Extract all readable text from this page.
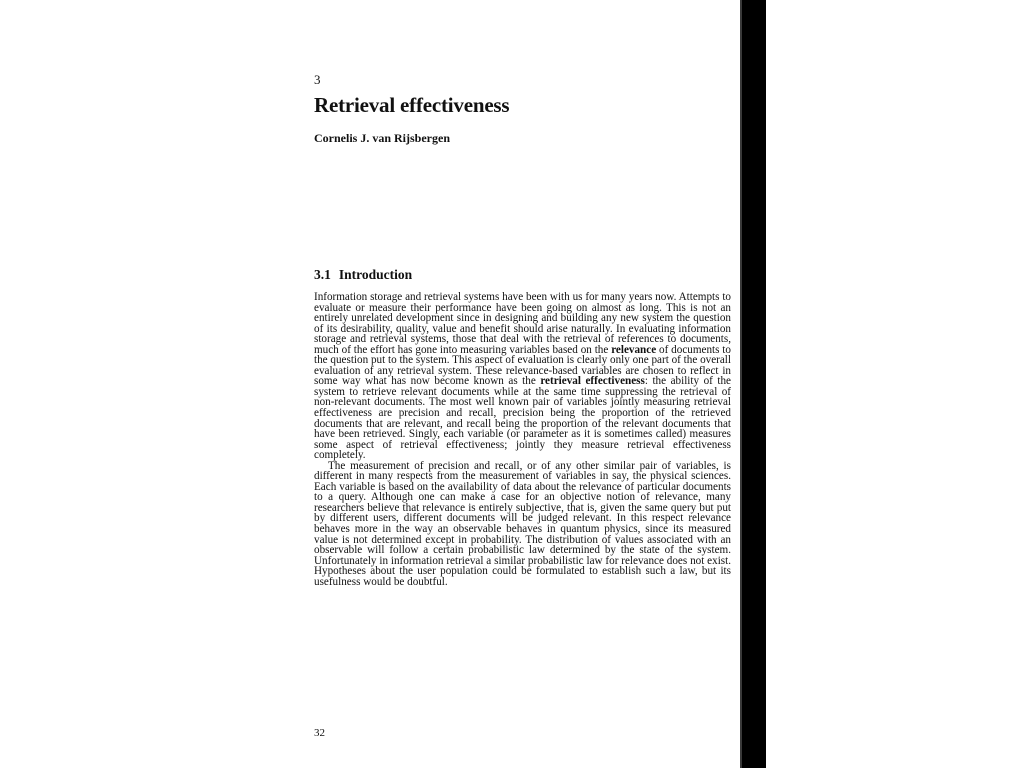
3
Retrieval effectiveness
Cornelis J. van Rijsbergen
3.1 Introduction

Information storage and retrieval systems have been with us for many years now. Attempts to evaluate or measure their performance have been going on almost as long. This is not an entirely unrelated development since in designing and building any new system the question of its desirability, quality, value and benefit should arise naturally. In evaluating information storage and retrieval systems, those that deal with the retrieval of references to documents, much of the effort has gone into measuring variables based on the relevance of documents to the question put to the system. This aspect of evaluation is clearly only one part of the overall evaluation of any retrieval system. These relevance-based variables are chosen to reflect in some way what has now become known as the retrieval effectiveness: the ability of the system to retrieve relevant documents while at the same time suppressing the retrieval of non-relevant documents. The most well known pair of variables jointly measuring retrieval effectiveness are precision and recall, precision being the proportion of the retrieved documents that are relevant, and recall being the proportion of the relevant documents that have been retrieved. Singly, each variable (or parameter as it is sometimes called) measures some aspect of retrieval effectiveness; jointly they measure retrieval effectiveness completely.

The measurement of precision and recall, or of any other similar pair of variables, is different in many respects from the measurement of variables in say, the physical sciences. Each variable is based on the availability of data about the relevance of particular documents to a query. Although one can make a case for an objective notion of relevance, many researchers believe that relevance is entirely subjective, that is, given the same query but put by different users, different documents will be judged relevant. In this respect relevance behaves more in the way an observable behaves in quantum physics, since its measured value is not determined except in probability. The distribution of values associated with an observable will follow a certain probabilistic law determined by the state of the system. Unfortunately in information retrieval a similar probabilistic law for relevance does not exist. Hypotheses about the user population could be formulated to establish such a law, but its usefulness would be doubtful.

32
